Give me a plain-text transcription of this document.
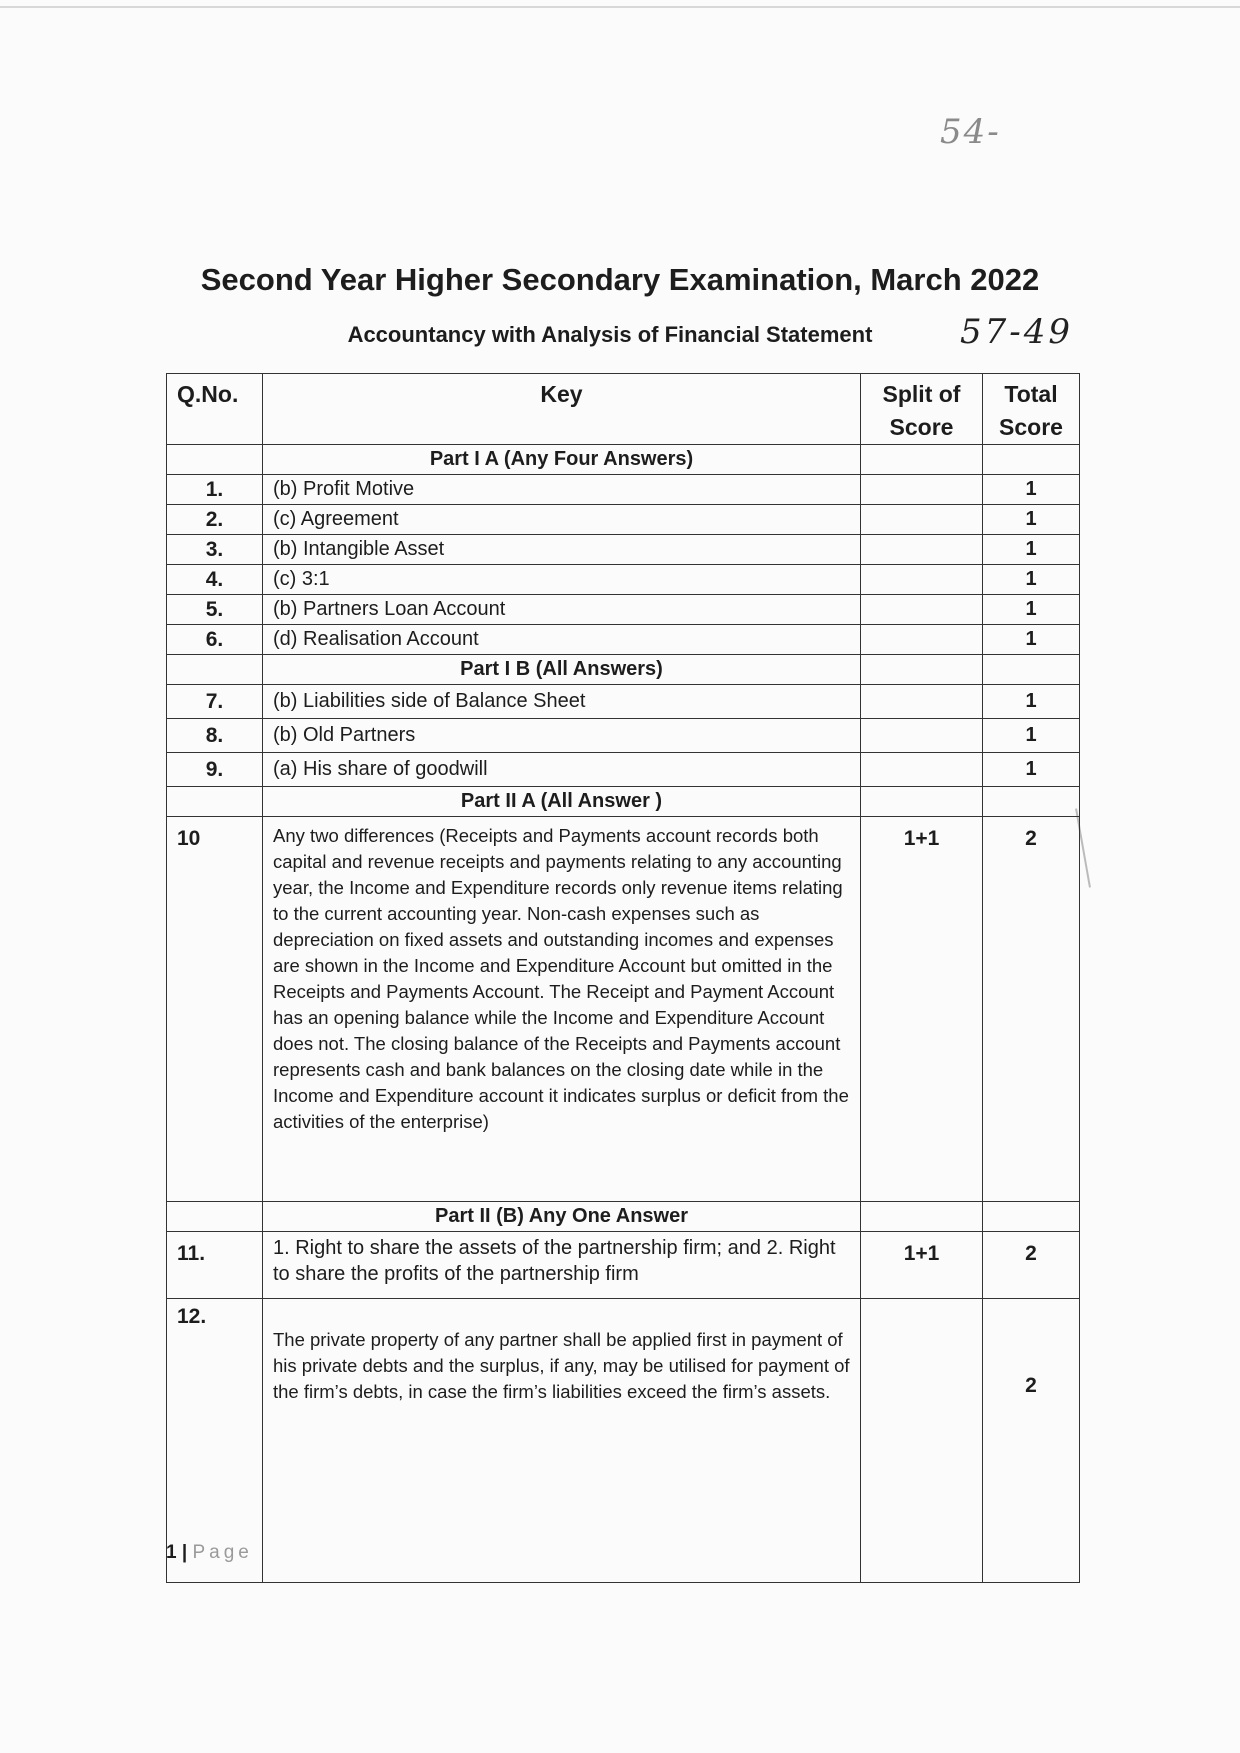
54-
57-49
Second Year Higher Secondary Examination, March 2022
Accountancy with Analysis of Financial Statement
Q.No.	Key	Split of Score	Total Score
	Part I A (Any Four Answers)		
1.	(b) Profit Motive		1
2.	(c) Agreement		1
3.	(b) Intangible Asset		1
4.	(c) 3:1		1
5.	(b) Partners Loan Account		1
6.	(d) Realisation Account		1
	Part I B (All Answers)		
7.	(b) Liabilities side of Balance Sheet		1
8.	(b) Old Partners		1
9.	(a) His share of goodwill		1
	Part II A (All Answer )		
10	Any two differences (Receipts and Payments account records both capital and revenue receipts and payments relating to any accounting year, the Income and Expenditure records only revenue items relating to the current accounting year. Non-cash expenses such as depreciation on fixed assets and outstanding incomes and expenses are shown in the Income and Expenditure Account but omitted in the Receipts and Payments Account. The Receipt and Payment Account has an opening balance while the Income and Expenditure Account does not. The closing balance of the Receipts and Payments account represents cash and bank balances on the closing date while in the Income and Expenditure account it indicates surplus or deficit from the activities of the enterprise)	1+1	2
	Part II (B) Any One Answer		
11.	1. Right to share the assets of the partnership firm; and 2. Right to share the profits of the partnership firm	1+1	2
12.	The private property of any partner shall be applied first in payment of his private debts and the surplus, if any, may be utilised for payment of the firm’s debts, in case the firm’s liabilities exceed the firm’s assets.		2
1 | Page
